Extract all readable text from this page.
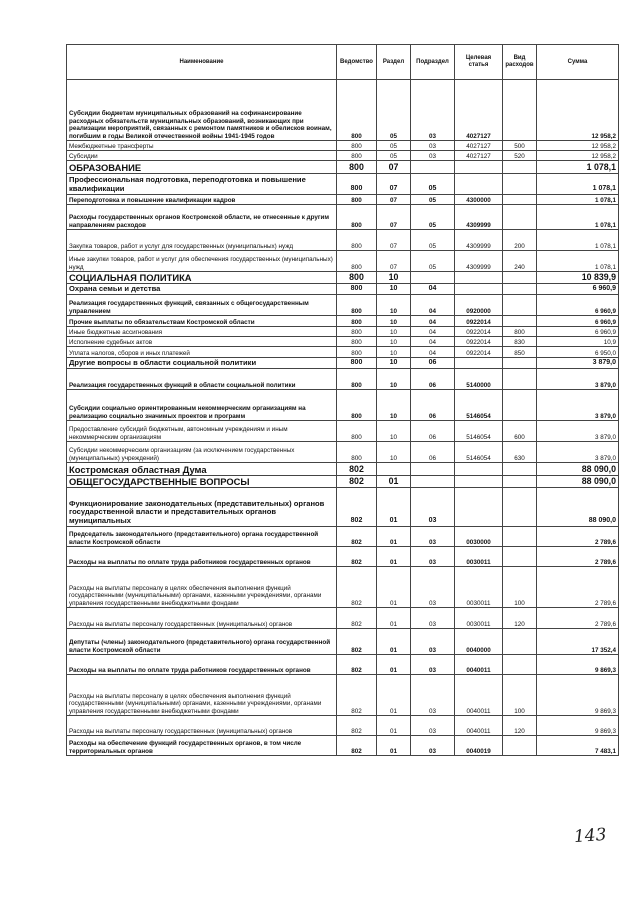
Наименование	Ведомство	Раздел	Подраздел	Целевая статья	Вид расходов	Сумма
Субсидии бюджетам муниципальных образований на софинансирование расходных обязательств муниципальных образований, возникающих при реализации мероприятий, связанных с ремонтом памятников и обелисков воинам, погибшим в годы Великой отечественной войны 1941-1945 годов	800	05	03	4027127		12 958,2
Межбюджетные трансферты	800	05	03	4027127	500	12 958,2
Субсидии	800	05	03	4027127	520	12 958,2
ОБРАЗОВАНИЕ	800	07				1 078,1
Профессиональная подготовка, переподготовка и повышение квалификации	800	07	05			1 078,1
Переподготовка и повышение квалификации кадров	800	07	05	4300000		1 078,1
Расходы государственных органов Костромской области, не отнесенные к другим направлениям расходов	800	07	05	4309999		1 078,1
Закупка товаров, работ и услуг для государственных (муниципальных) нужд	800	07	05	4309999	200	1 078,1
Иные закупки товаров, работ и услуг для обеспечения государственных (муниципальных) нужд	800	07	05	4309999	240	1 078,1
СОЦИАЛЬНАЯ ПОЛИТИКА	800	10				10 839,9
Охрана семьи и детства	800	10	04			6 960,9
Реализация государственных функций, связанных с общегосударственным управлением	800	10	04	0920000		6 960,9
Прочие выплаты по обязательствам Костромской области	800	10	04	0922014		6 960,9
Иные бюджетные ассигнования	800	10	04	0922014	800	6 960,9
Исполнение судебных актов	800	10	04	0922014	830	10,9
Уплата налогов, сборов и иных платежей	800	10	04	0922014	850	6 950,0
Другие вопросы в области социальной политики	800	10	06			3 879,0
Реализация государственных функций в области социальной политики	800	10	06	5140000		3 879,0
Субсидии социально ориентированным некоммерческим организациям на реализацию социально значимых проектов и программ	800	10	06	5146054		3 879,0
Предоставление субсидий бюджетным, автономным учреждениям и иным некоммерческим организациям	800	10	06	5146054	600	3 879,0
Субсидии некоммерческим организациям (за исключением государственных (муниципальных) учреждений)	800	10	06	5146054	630	3 879,0
Костромская областная Дума	802					88 090,0
ОБЩЕГОСУДАРСТВЕННЫЕ ВОПРОСЫ	802	01				88 090,0
Функционирование законодательных (представительных) органов государственной власти и представительных органов муниципальных	802	01	03			88 090,0
Председатель законодательного (представительного) органа государственной власти Костромской области	802	01	03	0030000		2 789,6
Расходы на выплаты по оплате труда работников государственных органов	802	01	03	0030011		2 789,6
Расходы на выплаты персоналу в целях обеспечения выполнения функций государственными (муниципальными) органами, казенными учреждениями, органами управления государственными внебюджетными фондами	802	01	03	0030011	100	2 789,6
Расходы на выплаты персоналу государственных (муниципальных) органов	802	01	03	0030011	120	2 789,6
Депутаты (члены) законодательного (представительного) органа государственной власти Костромской области	802	01	03	0040000		17 352,4
Расходы на выплаты по оплате труда работников государственных органов	802	01	03	0040011		9 869,3
Расходы на выплаты персоналу в целях обеспечения выполнения функций государственными (муниципальными) органами, казенными учреждениями, органами управления государственными внебюджетными фондами	802	01	03	0040011	100	9 869,3
Расходы на выплаты персоналу государственных (муниципальных) органов	802	01	03	0040011	120	9 869,3
Расходы на обеспечение функций государственных органов, в том числе территориальных органов	802	01	03	0040019		7 483,1
143
